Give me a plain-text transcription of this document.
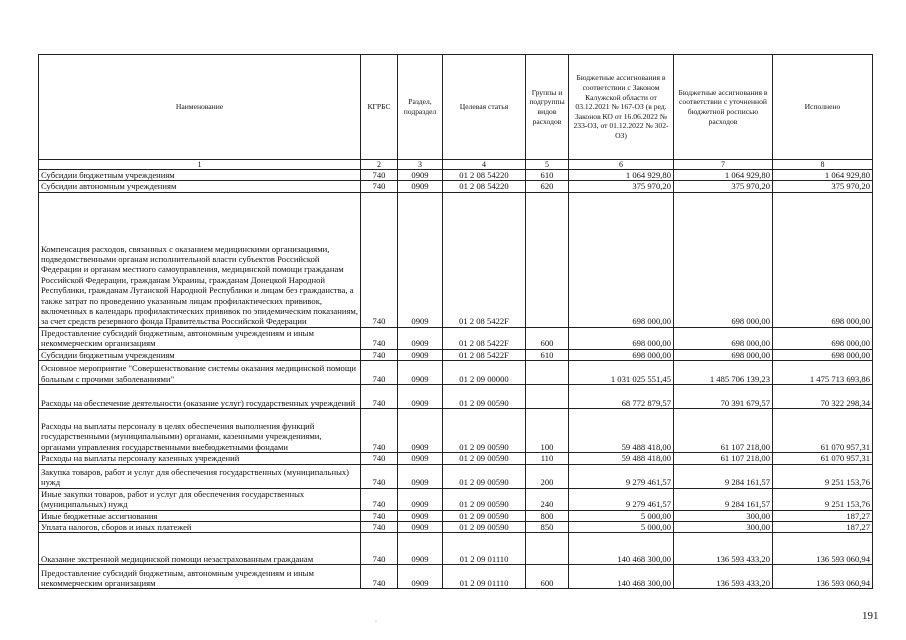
Наименование	КГРБС	Раздел, подраздел	Целевая статья	Группы и подгруппы видов расходов	Бюджетные ассигнования в соответствии с Законом Калужской области от 03.12.2021 № 167-ОЗ (в ред. Законов КО от 16.06.2022 № 233-ОЗ, от 01.12.2022 № 302-ОЗ)	Бюджетные ассигнования в соответствии с уточненной бюджетной росписью расходов	Исполнено
1	2	3	4	5	6	7	8
Субсидии бюджетным учреждениям	740	0909	01 2 08 54220	610	1 064 929,80	1 064 929,80	1 064 929,80
Субсидии автономным учреждениям	740	0909	01 2 08 54220	620	375 970,20	375 970,20	375 970,20
Компенсация расходов, связанных с оказанием медицинскими организациями, подведомственными органам исполнительной власти субъектов Российской Федерации и органам местного самоуправления, медицинской помощи гражданам Российской Федерации, гражданам Украины, гражданам Донецкой Народной Республики, гражданам Луганской Народной Республики и лицам без гражданства, а также затрат по проведению указанным лицам профилактических прививок, включенных в календарь профилактических прививок по эпидемическим показаниям, за счет средств резервного фонда Правительства Российской Федерации	740	0909	01 2 08 5422F		698 000,00	698 000,00	698 000,00
Предоставление субсидий бюджетным, автономным учреждениям и иным некоммерческим организациям	740	0909	01 2 08 5422F	600	698 000,00	698 000,00	698 000,00
Субсидии бюджетным учреждениям	740	0909	01 2 08 5422F	610	698 000,00	698 000,00	698 000,00
Основное мероприятие "Совершенствование системы оказания медицинской помощи больным с прочими заболеваниями"	740	0909	01 2 09 00000		1 031 025 551,45	1 485 706 139,23	1 475 713 693,86
Расходы на обеспечение деятельности (оказание услуг) государственных учреждений	740	0909	01 2 09 00590		68 772 879,57	70 391 679,57	70 322 298,34
Расходы на выплаты персоналу в целях обеспечения выполнения функций государственными (муниципальными) органами, казенными учреждениями, органами управления государственными внебюджетными фондами	740	0909	01 2 09 00590	100	59 488 418,00	61 107 218,00	61 070 957,31
Расходы на выплаты персоналу казенных учреждений	740	0909	01 2 09 00590	110	59 488 418,00	61 107 218,00	61 070 957,31
Закупка товаров, работ и услуг для обеспечения государственных (муниципальных) нужд	740	0909	01 2 09 00590	200	9 279 461,57	9 284 161,57	9 251 153,76
Иные закупки товаров, работ и услуг для обеспечения государственных (муниципальных) нужд	740	0909	01 2 09 00590	240	9 279 461,57	9 284 161,57	9 251 153,76
Иные бюджетные ассигнования	740	0909	01 2 09 00590	800	5 000,00	300,00	187,27
Уплата налогов, сборов и иных платежей	740	0909	01 2 09 00590	850	5 000,00	300,00	187,27
Оказание экстренной медицинской помощи незастрахованным гражданам	740	0909	01 2 09 01110		140 468 300,00	136 593 433,20	136 593 060,94
Предоставление субсидий бюджетным, автономным учреждениям и иным некоммерческим организациям	740	0909	01 2 09 01110	600	140 468 300,00	136 593 433,20	136 593 060,94
191
·
